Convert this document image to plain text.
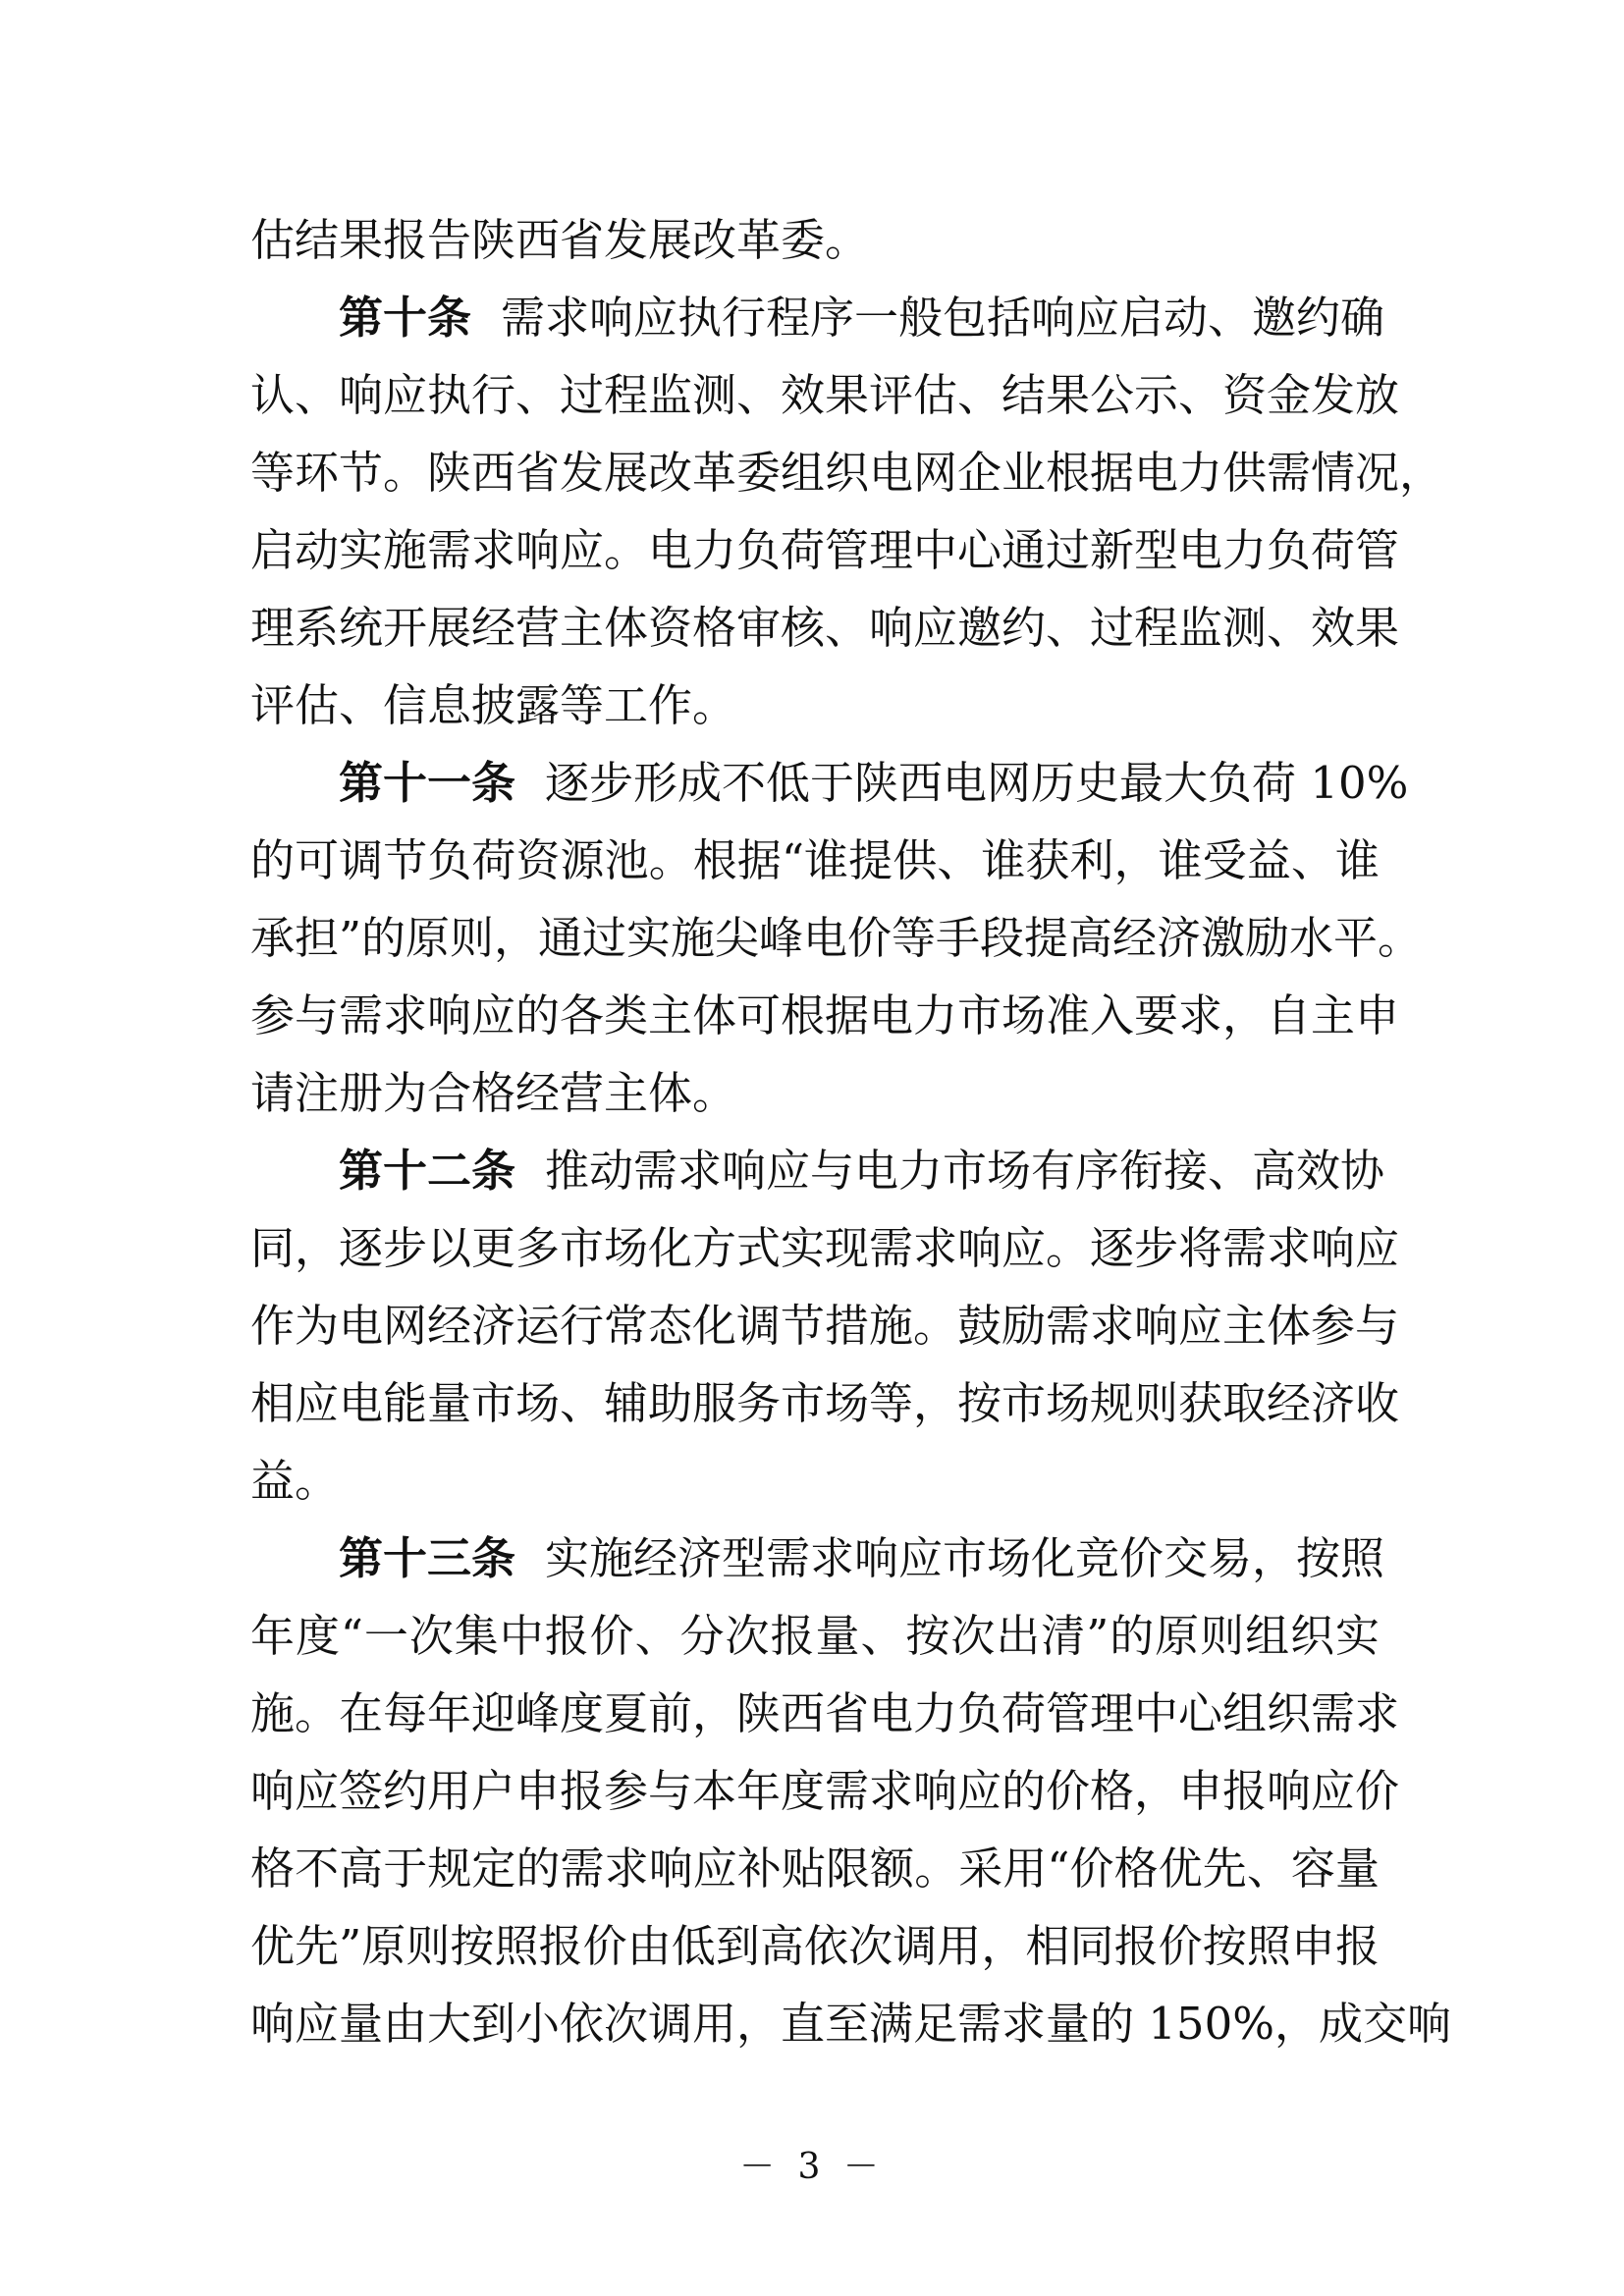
估结果报告陕西省发展改革委。
第十条 需求响应执行程序一般包括响应启动、邀约确
认、响应执行、过程监测、效果评估、结果公示、资金发放
等环节。陕西省发展改革委组织电网企业根据电力供需情况，
启动实施需求响应。电力负荷管理中心通过新型电力负荷管
理系统开展经营主体资格审核、响应邀约、过程监测、效果
评估、信息披露等工作。
第十一条 逐步形成不低于陕西电网历史最大负荷 10%
的可调节负荷资源池。根据“谁提供、谁获利，谁受益、谁
承担”的原则，通过实施尖峰电价等手段提高经济激励水平。
参与需求响应的各类主体可根据电力市场准入要求，自主申
请注册为合格经营主体。
第十二条 推动需求响应与电力市场有序衔接、高效协
同，逐步以更多市场化方式实现需求响应。逐步将需求响应
作为电网经济运行常态化调节措施。鼓励需求响应主体参与
相应电能量市场、辅助服务市场等，按市场规则获取经济收
益。
第十三条 实施经济型需求响应市场化竞价交易，按照
年度“一次集中报价、分次报量、按次出清”的原则组织实
施。在每年迎峰度夏前，陕西省电力负荷管理中心组织需求
响应签约用户申报参与本年度需求响应的价格，申报响应价
格不高于规定的需求响应补贴限额。采用“价格优先、容量
优先”原则按照报价由低到高依次调用，相同报价按照申报
响应量由大到小依次调用，直至满足需求量的 150%，成交响
－ 3 －
